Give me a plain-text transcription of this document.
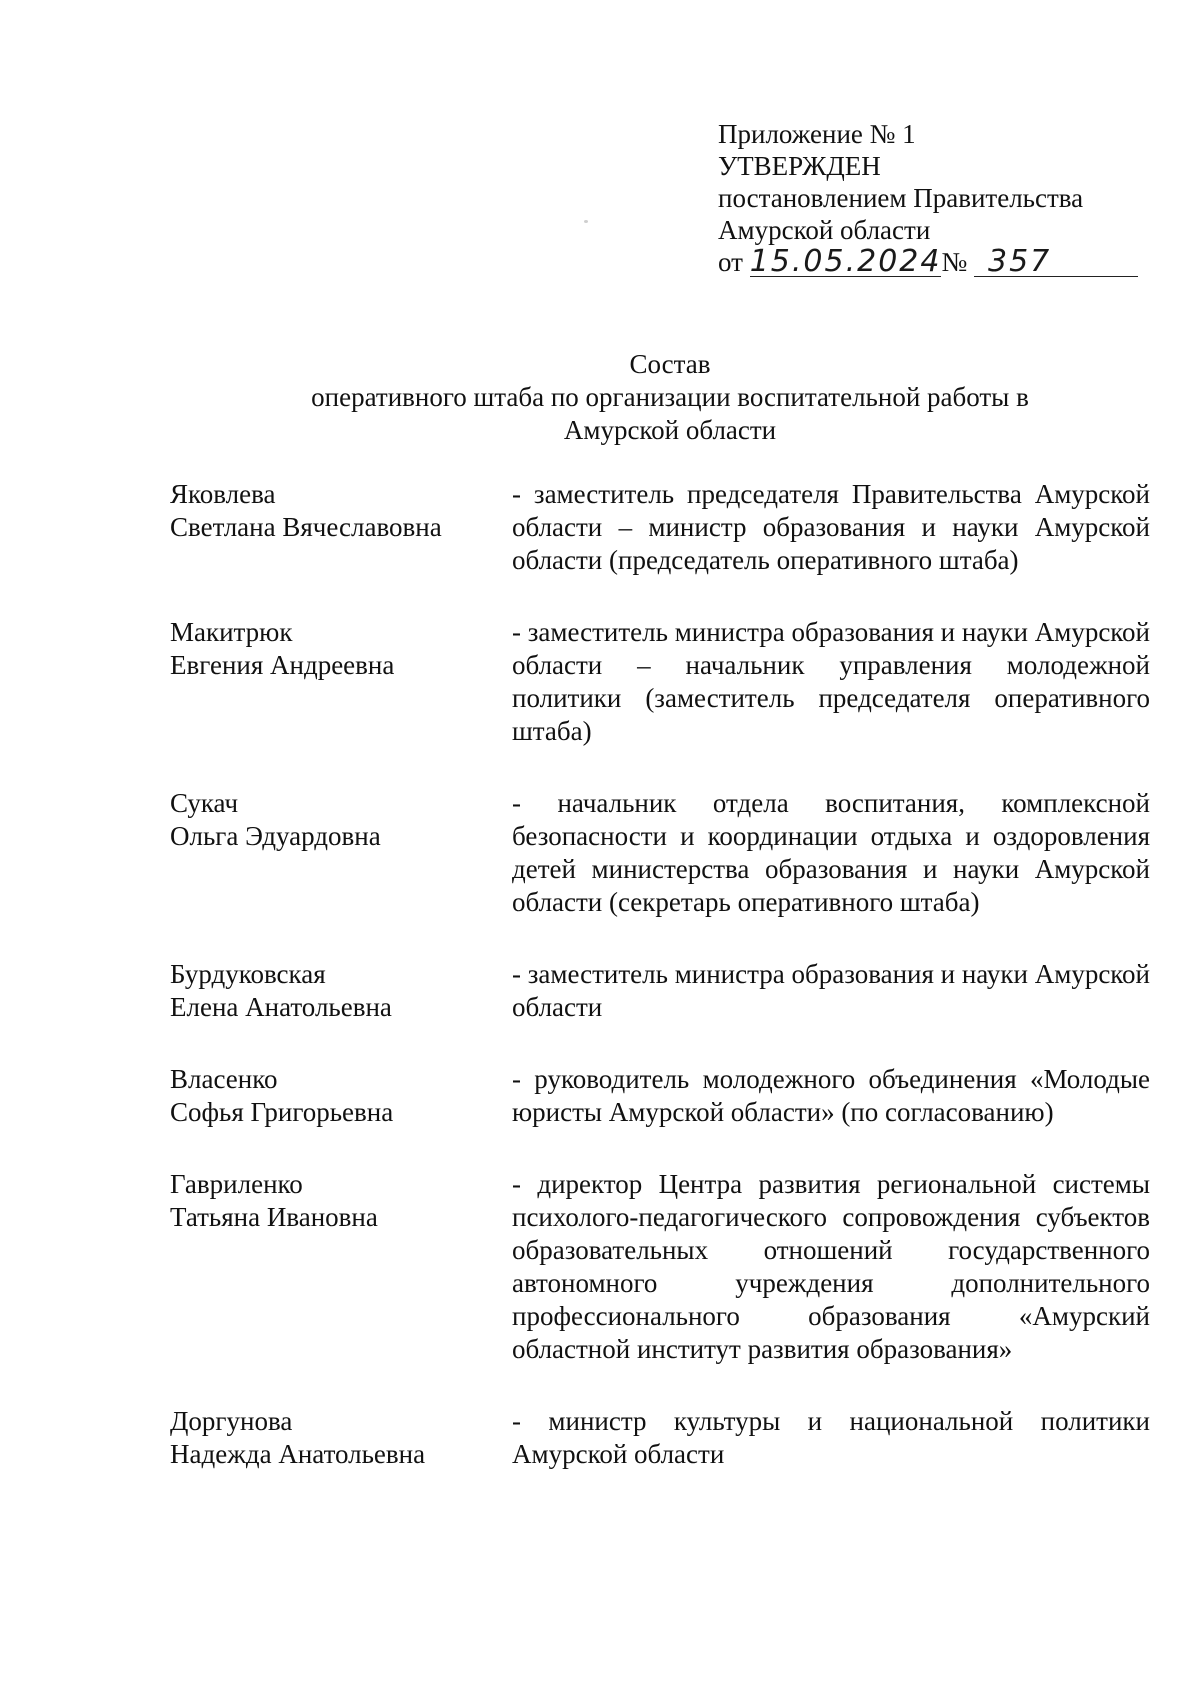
Приложение № 1
УТВЕРЖДЕН
постановлением Правительства
Амурской области
от 15.05.2024№ 357
Состав
оперативного штаба по организации воспитательной работы в
Амурской области
Яковлева
Светлана Вячеславовна
- заместитель председателя Правительства Амурской области – министр образования и науки Амурской области (председатель оперативного штаба)
Макитрюк
Евгения Андреевна
- заместитель министра образования и науки Амурской области – начальник управления молодежной политики (заместитель председателя оперативного штаба)
Сукач
Ольга Эдуардовна
- начальник отдела воспитания, комплексной безопасности и координации отдыха и оздоровления детей министерства образования и науки Амурской области (секретарь оперативного штаба)
Бурдуковская
Елена Анатольевна
- заместитель министра образования и науки Амурской области
Власенко
Софья Григорьевна
- руководитель молодежного объединения «Молодые юристы Амурской области» (по согласованию)
Гавриленко
Татьяна Ивановна
- директор Центра развития региональной системы психолого-педагогического сопровождения субъектов образовательных отношений государственного автономного учреждения дополнительного профессионального образования «Амурский областной институт развития образования»
Доргунова
Надежда Анатольевна
- министр культуры и национальной политики Амурской области
